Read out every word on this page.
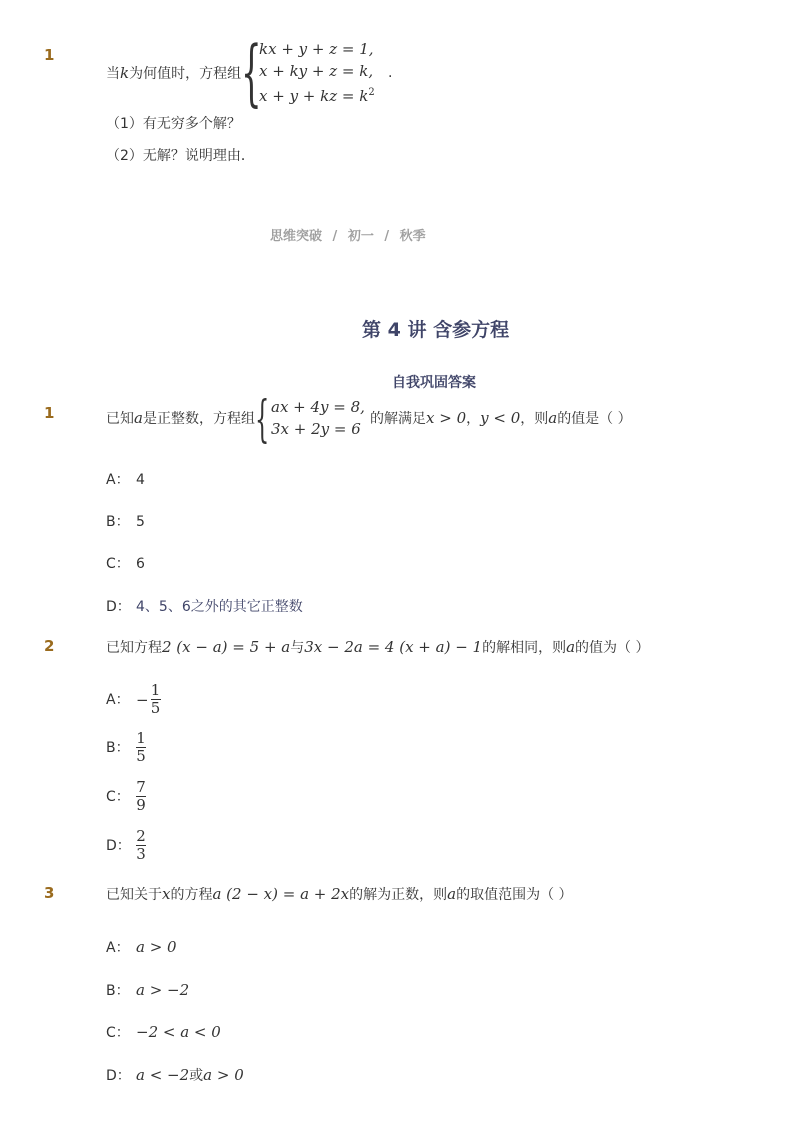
1
当k为何值时，方程组 {
kx + y + z = 1,
x + ky + z = k,
x + y + kz = $k^2$
.
（1）有无穷多个解？
（2）无解？说明理由．
思维突破 / 初一 / 秋季
第 4 讲 含参方程
自我巩固答案
1	已知a是正整数，方程组 { ax + 4y = 8,
3x + 2y = 6
的解满足x > 0，y < 0，则a的值是（ ）
A： 4
B： 5
C： 6
D： 4、5、6之外的其它正整数
2	已知方程2 (x − a) = 5 + a与3x − 2a = 4 (x + a) − 1的解相同，则a的值为（ ）
A： − $\frac{1}{5}$
B： $\frac{1}{5}$
C： $\frac{7}{9}$
D： $\frac{2}{3}$
3	已知关于x的方程a (2 − x) = a + 2x的解为正数，则a的取值范围为（ ）
A： a > 0
B： a > −2
C： −2 < a < 0
D： a < −2或a > 0
